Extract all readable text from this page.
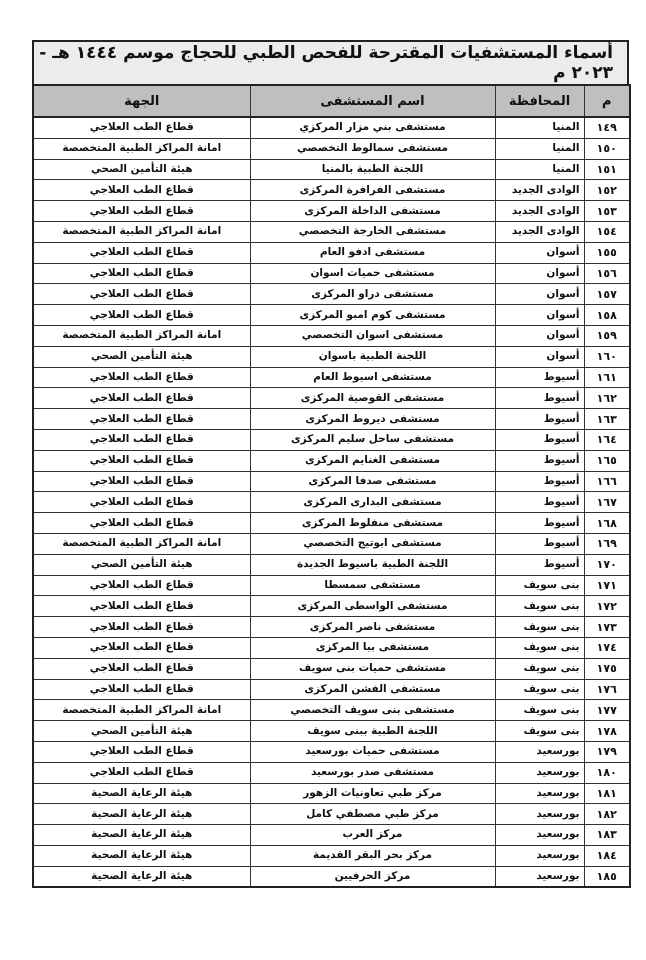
أسماء المستشفيات المقترحة للفحص الطبي للحجاج موسم ١٤٤٤ هـ - ٢٠٢٣ م
م	المحافظة	اسم المستشفى	الجهة
١٤٩	المنيا	مستشفى بني مزار المركزي	قطاع الطب العلاجي
١٥٠	المنيا	مستشفى سمالوط التخصصي	امانة المراكز الطبية المتخصصة
١٥١	المنيا	اللجنة الطبية بالمنيا	هيئة التأمين الصحي
١٥٢	الوادى الجديد	مستشفى الفرافرة المركزى	قطاع الطب العلاجي
١٥٣	الوادى الجديد	مستشفى الداخلة المركزى	قطاع الطب العلاجي
١٥٤	الوادى الجديد	مستشفى الخارجة التخصصي	امانة المراكز الطبية المتخصصة
١٥٥	أسوان	مستشفى ادفو العام	قطاع الطب العلاجي
١٥٦	أسوان	مستشفى حميات اسوان	قطاع الطب العلاجي
١٥٧	أسوان	مستشفى دراو المركزى	قطاع الطب العلاجي
١٥٨	أسوان	مستشفى كوم امبو المركزى	قطاع الطب العلاجي
١٥٩	أسوان	مستشفى اسوان التخصصي	امانة المراكز الطبية المتخصصة
١٦٠	أسوان	اللجنة الطبية باسوان	هيئة التأمين الصحي
١٦١	أسيوط	مستشفى اسيوط العام	قطاع الطب العلاجي
١٦٢	أسيوط	مستشفى القوصية المركزى	قطاع الطب العلاجي
١٦٣	أسيوط	مستشفى ديروط المركزى	قطاع الطب العلاجي
١٦٤	أسيوط	مستشفى ساحل سليم المركزى	قطاع الطب العلاجي
١٦٥	أسيوط	مستشفى الغنايم المركزى	قطاع الطب العلاجي
١٦٦	أسيوط	مستشفى صدفا المركزى	قطاع الطب العلاجي
١٦٧	أسيوط	مستشفى البدارى المركزى	قطاع الطب العلاجي
١٦٨	أسيوط	مستشفى منفلوط المركزى	قطاع الطب العلاجي
١٦٩	أسيوط	مستشفى ابوتيج التخصصي	امانة المراكز الطبية المتخصصة
١٧٠	أسيوط	اللجنة الطبية باسيوط الجديدة	هيئة التأمين الصحي
١٧١	بنى سويف	مستشفى سمسطا	قطاع الطب العلاجي
١٧٢	بنى سويف	مستشفى الواسطى المركزى	قطاع الطب العلاجي
١٧٣	بنى سويف	مستشفى ناصر المركزى	قطاع الطب العلاجي
١٧٤	بنى سويف	مستشفى ببا المركزى	قطاع الطب العلاجي
١٧٥	بنى سويف	مستشفى حميات بنى سويف	قطاع الطب العلاجي
١٧٦	بنى سويف	مستشفى الفشن المركزى	قطاع الطب العلاجي
١٧٧	بنى سويف	مستشفى بنى سويف التخصصي	امانة المراكز الطبية المتخصصة
١٧٨	بنى سويف	اللجنة الطبية ببنى سويف	هيئة التأمين الصحي
١٧٩	بورسعيد	مستشفى حميات بورسعيد	قطاع الطب العلاجي
١٨٠	بورسعيد	مستشفى صدر بورسعيد	قطاع الطب العلاجي
١٨١	بورسعيد	مركز طبي تعاونيات الزهور	هيئة الرعاية الصحية
١٨٢	بورسعيد	مركز طبي مصطفي كامل	هيئة الرعاية الصحية
١٨٣	بورسعيد	مركز العرب	هيئة الرعاية الصحية
١٨٤	بورسعيد	مركز بحر البقر القديمة	هيئة الرعاية الصحية
١٨٥	بورسعيد	مركز الحرفيين	هيئة الرعاية الصحية
